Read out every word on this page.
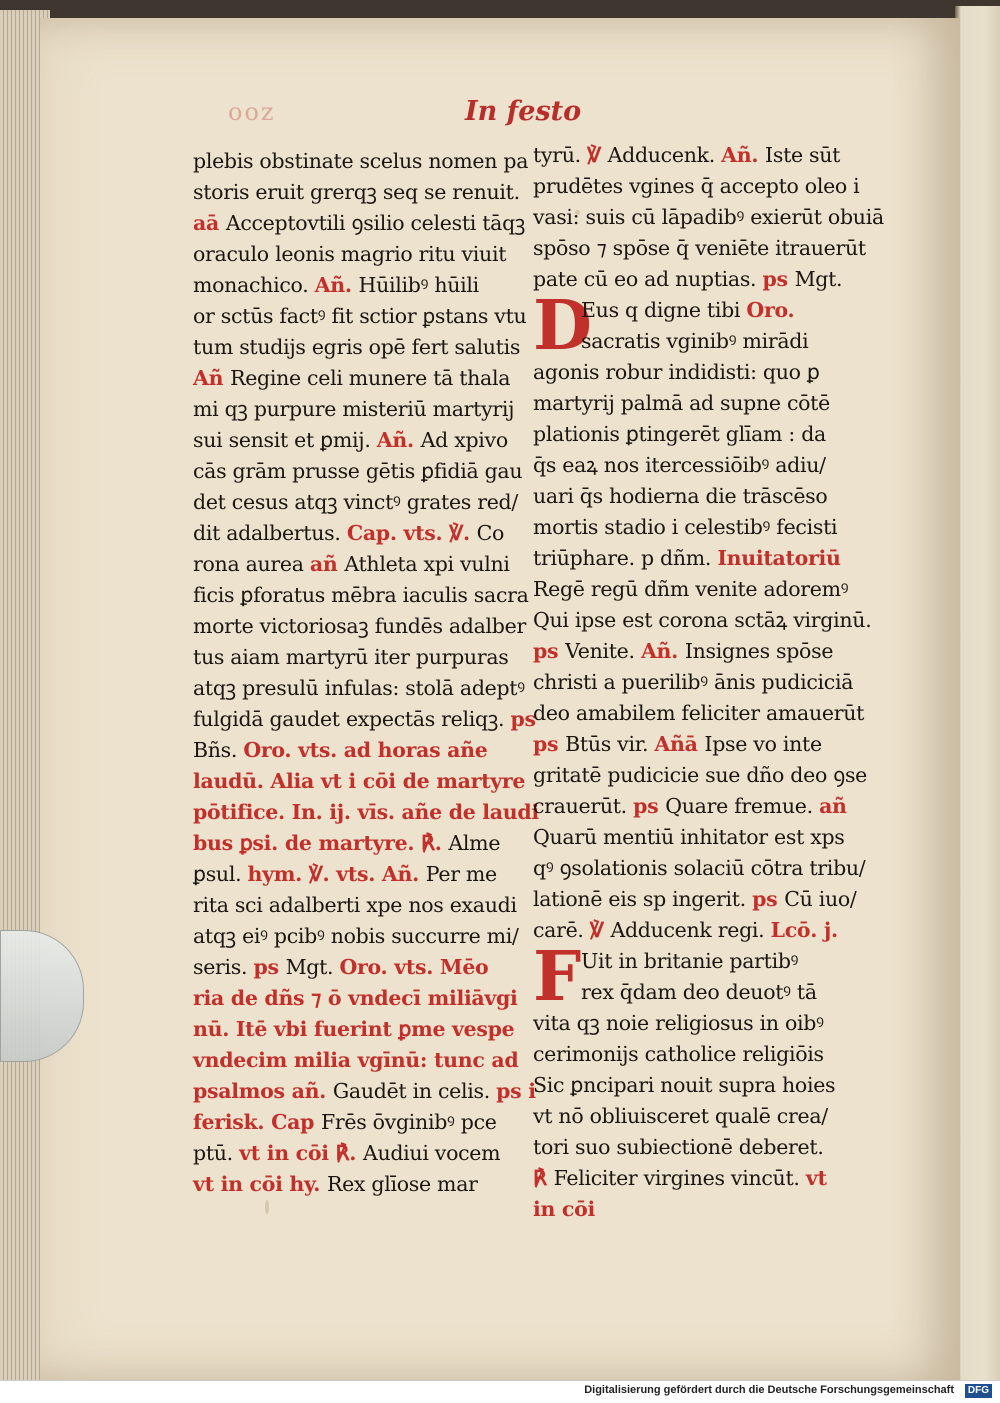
ooz	In festo
plebis obstinate scelus nomen pa
storis eruit grerqꝫ seq se renuit.
aā Acceptovtili ꝯsilio celesti tāqꝫ
oraculo leonis magrio ritu viuit
monachico. Añ. Hūilibꝰ hūili
or sctūs factꝰ fit sctior ꝑstans vtu
tum studijs egris opē fert salutis
Añ Regine celi munere tā thala
mi qꝫ purpure misteriū martyrij
sui sensit et ꝑmij. Añ. Ad xpivo
cās grām prusse gētis ꝑfidiā gau
det cesus atqꝫ vinctꝰ grates red/
dit adalbertus. Cap. vts. ℣. Co
rona aurea añ Athleta xpi vulni
ficis ꝑforatus mēbra iaculis sacra
morte victoriosaꝫ fundēs adalber
tus aiam martyrū iter purpuras
atqꝫ presulū infulas: stolā adeptꝰ
fulgidā gaudet expectās reliqꝫ. ps
Bñs. Oro. vts. ad horas añe
laudū. Alia vt i cōi de martyre
pōtifice. In. ij. vīs. añe de laudi
bus ꝑsi. de martyre. ℟. Alme
ꝑsul. hym. ℣. vts. Añ. Per me
rita sci adalberti xpe nos exaudi
atqꝫ eiꝰ pcibꝰ nobis succurre mi/
seris. ps Mgt. Oro. vts. Mēo
ria de dñs ⁊ ō vndecī miliāvgi
nū. Itē vbi fuerint ꝑme vespe
vndecim milia vgīnū: tunc ad
psalmos añ. Gaudēt in celis. ps i
ferisk. Cap Frēs ōvginibꝰ pce
ptū. vt in cōi ℟. Audiui vocem
vt in cōi hy. Rex glīose mar
tyrū. ℣ Adducenk. Añ. Iste sūt
prudētes vgines q̄ accepto oleo i
vasi: suis cū lāpadibꝰ exierūt obuiā
spōso ⁊ spōse q̄ veniēte itrauerūt
pate cū eo ad nuptias. ps Mgt.
D
Eus q digne tibi Oro.
sacratis vginibꝰ mirādi
agonis robur indidisti: quo ꝑ
martyrij palmā ad supne cōtē
plationis ꝑtingerēt glīam : da
q̄s eaꝝ nos itercessiōibꝰ adiu/
uari q̄s hodierna die trāscēso
mortis stadio i celestibꝰ fecisti
triūphare. p dñm. Inuitatoriū
Regē regū dñm venite adoremꝰ
Qui ipse est corona sctāꝝ virginū.
ps Venite. Añ. Insignes spōse
christi a puerilibꝰ ānis pudiciciā
deo amabilem feliciter amauerūt
ps Btūs vir. Añā Ipse vo inte
gritatē pudicicie sue dño deo ꝯse
crauerūt. ps Quare fremue. añ
Quarū mentiū inhitator est xps
qꝰ ꝯsolationis solaciū cōtra tribu/
lationē eis sp ingerit. ps Cū iuo/
carē. ℣ Adducenk regi. Lcō. j.
F Uit in britanie partibꝰ
rex q̄dam deo deuotꝰ tā
vita qꝫ noie religiosus in oibꝰ
cerimonijs catholice religiōis
Sic ꝑncipari nouit supra hoies
vt nō obliuisceret qualē crea/
tori suo subiectionē deberet.
℟ Feliciter virgines vincūt. vt
in cōi
Digitalisierung gefördert durch die Deutsche Forschungsgemeinschaft	DFG
